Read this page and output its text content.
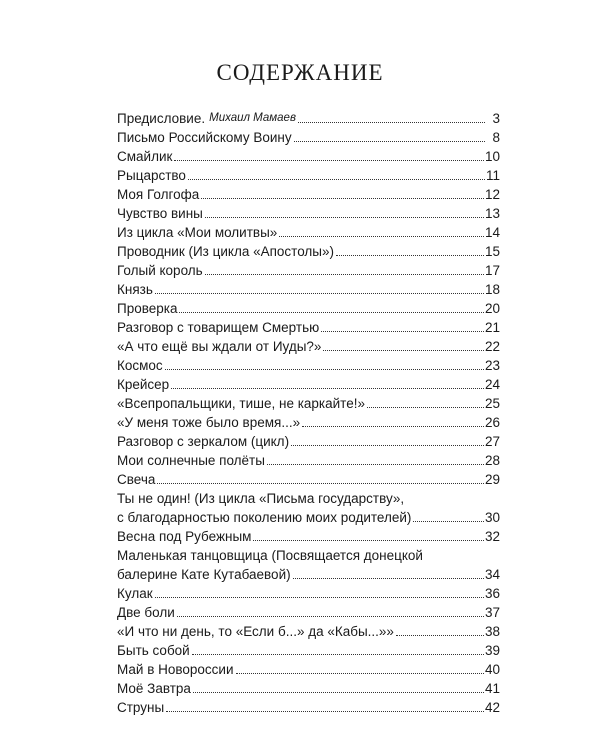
СОДЕРЖАНИЕ
Предисловие. Михаил Мамаев	3
Письмо Российскому Воину	8
Смайлик	10
Рыцарство	11
Моя Голгофа	12
Чувство вины	13
Из цикла «Мои молитвы»	14
Проводник (Из цикла «Апостолы»)	15
Голый король	17
Князь	18
Проверка	20
Разговор с товарищем Смертью	21
«А что ещё вы ждали от Иуды?»	22
Космос	23
Крейсер	24
«Всепропальщики, тише, не каркайте!»	25
«У меня тоже было время...»	26
Разговор с зеркалом (цикл)	27
Мои солнечные полёты	28
Свеча	29
Ты не один! (Из цикла «Письма государству»,
с благодарностью поколению моих родителей)	30
Весна под Рубежным	32
Маленькая танцовщица (Посвящается донецкой
балерине Кате Кутабаевой)	34
Кулак	36
Две боли	37
«И что ни день, то «Если б...» да «Кабы...»»	38
Быть собой	39
Май в Новороссии	40
Моё Завтра	41
Струны	42
